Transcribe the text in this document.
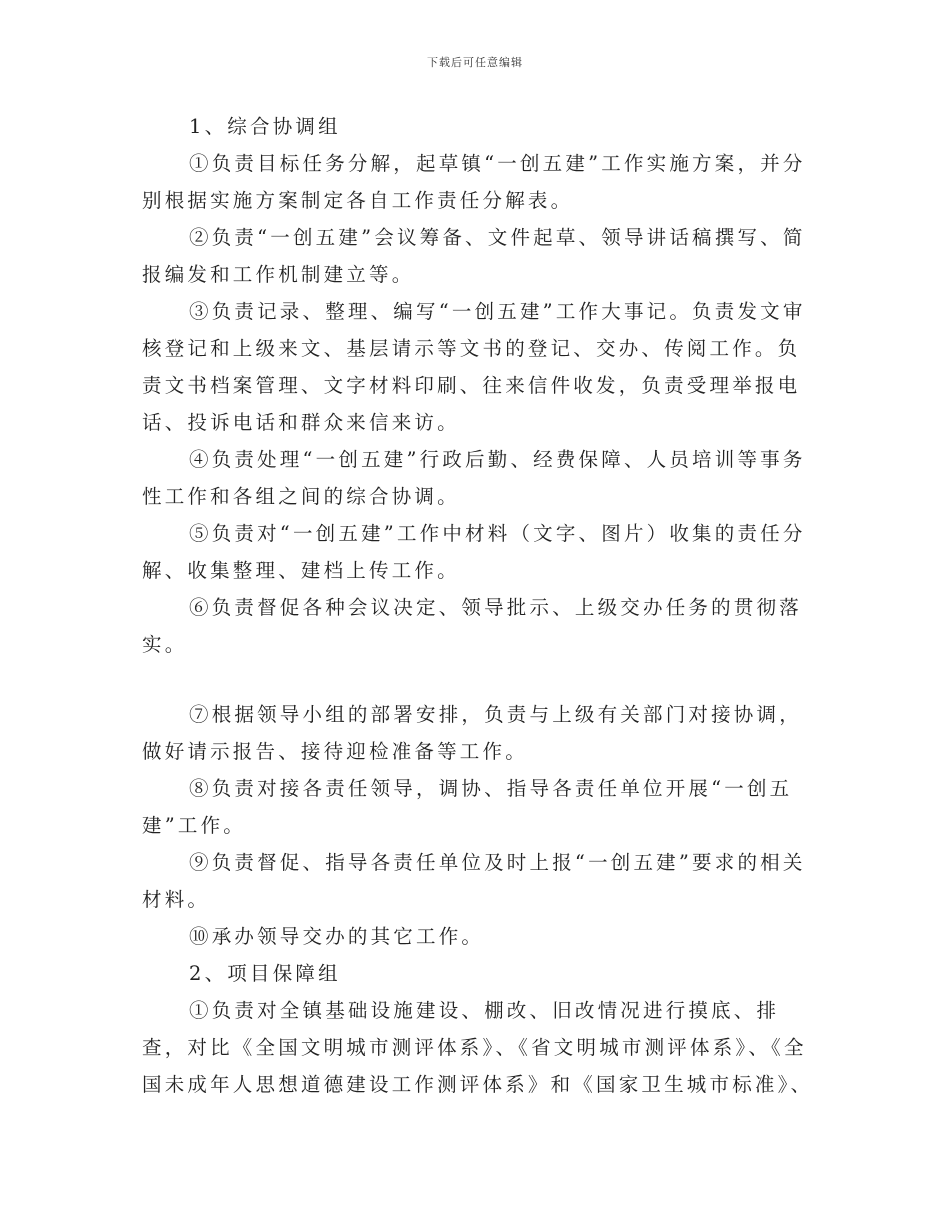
下载后可任意编辑

1、综合协调组

①负责目标任务分解，起草镇“一创五建”工作实施方案，并分别根据实施方案制定各自工作责任分解表。

②负责“一创五建”会议筹备、文件起草、领导讲话稿撰写、简报编发和工作机制建立等。

③负责记录、整理、编写“一创五建”工作大事记。负责发文审核登记和上级来文、基层请示等文书的登记、交办、传阅工作。负责文书档案管理、文字材料印刷、往来信件收发，负责受理举报电话、投诉电话和群众来信来访。

④负责处理“一创五建”行政后勤、经费保障、人员培训等事务性工作和各组之间的综合协调。

⑤负责对“一创五建”工作中材料（文字、图片）收集的责任分解、收集整理、建档上传工作。

⑥负责督促各种会议决定、领导批示、上级交办任务的贯彻落实。

⑦根据领导小组的部署安排，负责与上级有关部门对接协调，做好请示报告、接待迎检准备等工作。

⑧负责对接各责任领导，调协、指导各责任单位开展“一创五建”工作。

⑨负责督促、指导各责任单位及时上报“一创五建”要求的相关材料。

⑩承办领导交办的其它工作。

2、项目保障组

①负责对全镇基础设施建设、棚改、旧改情况进行摸底、排查，对比《全国文明城市测评体系》、《省文明城市测评体系》、《全国未成年人思想道德建设工作测评体系》和《国家卫生城市标准》、
